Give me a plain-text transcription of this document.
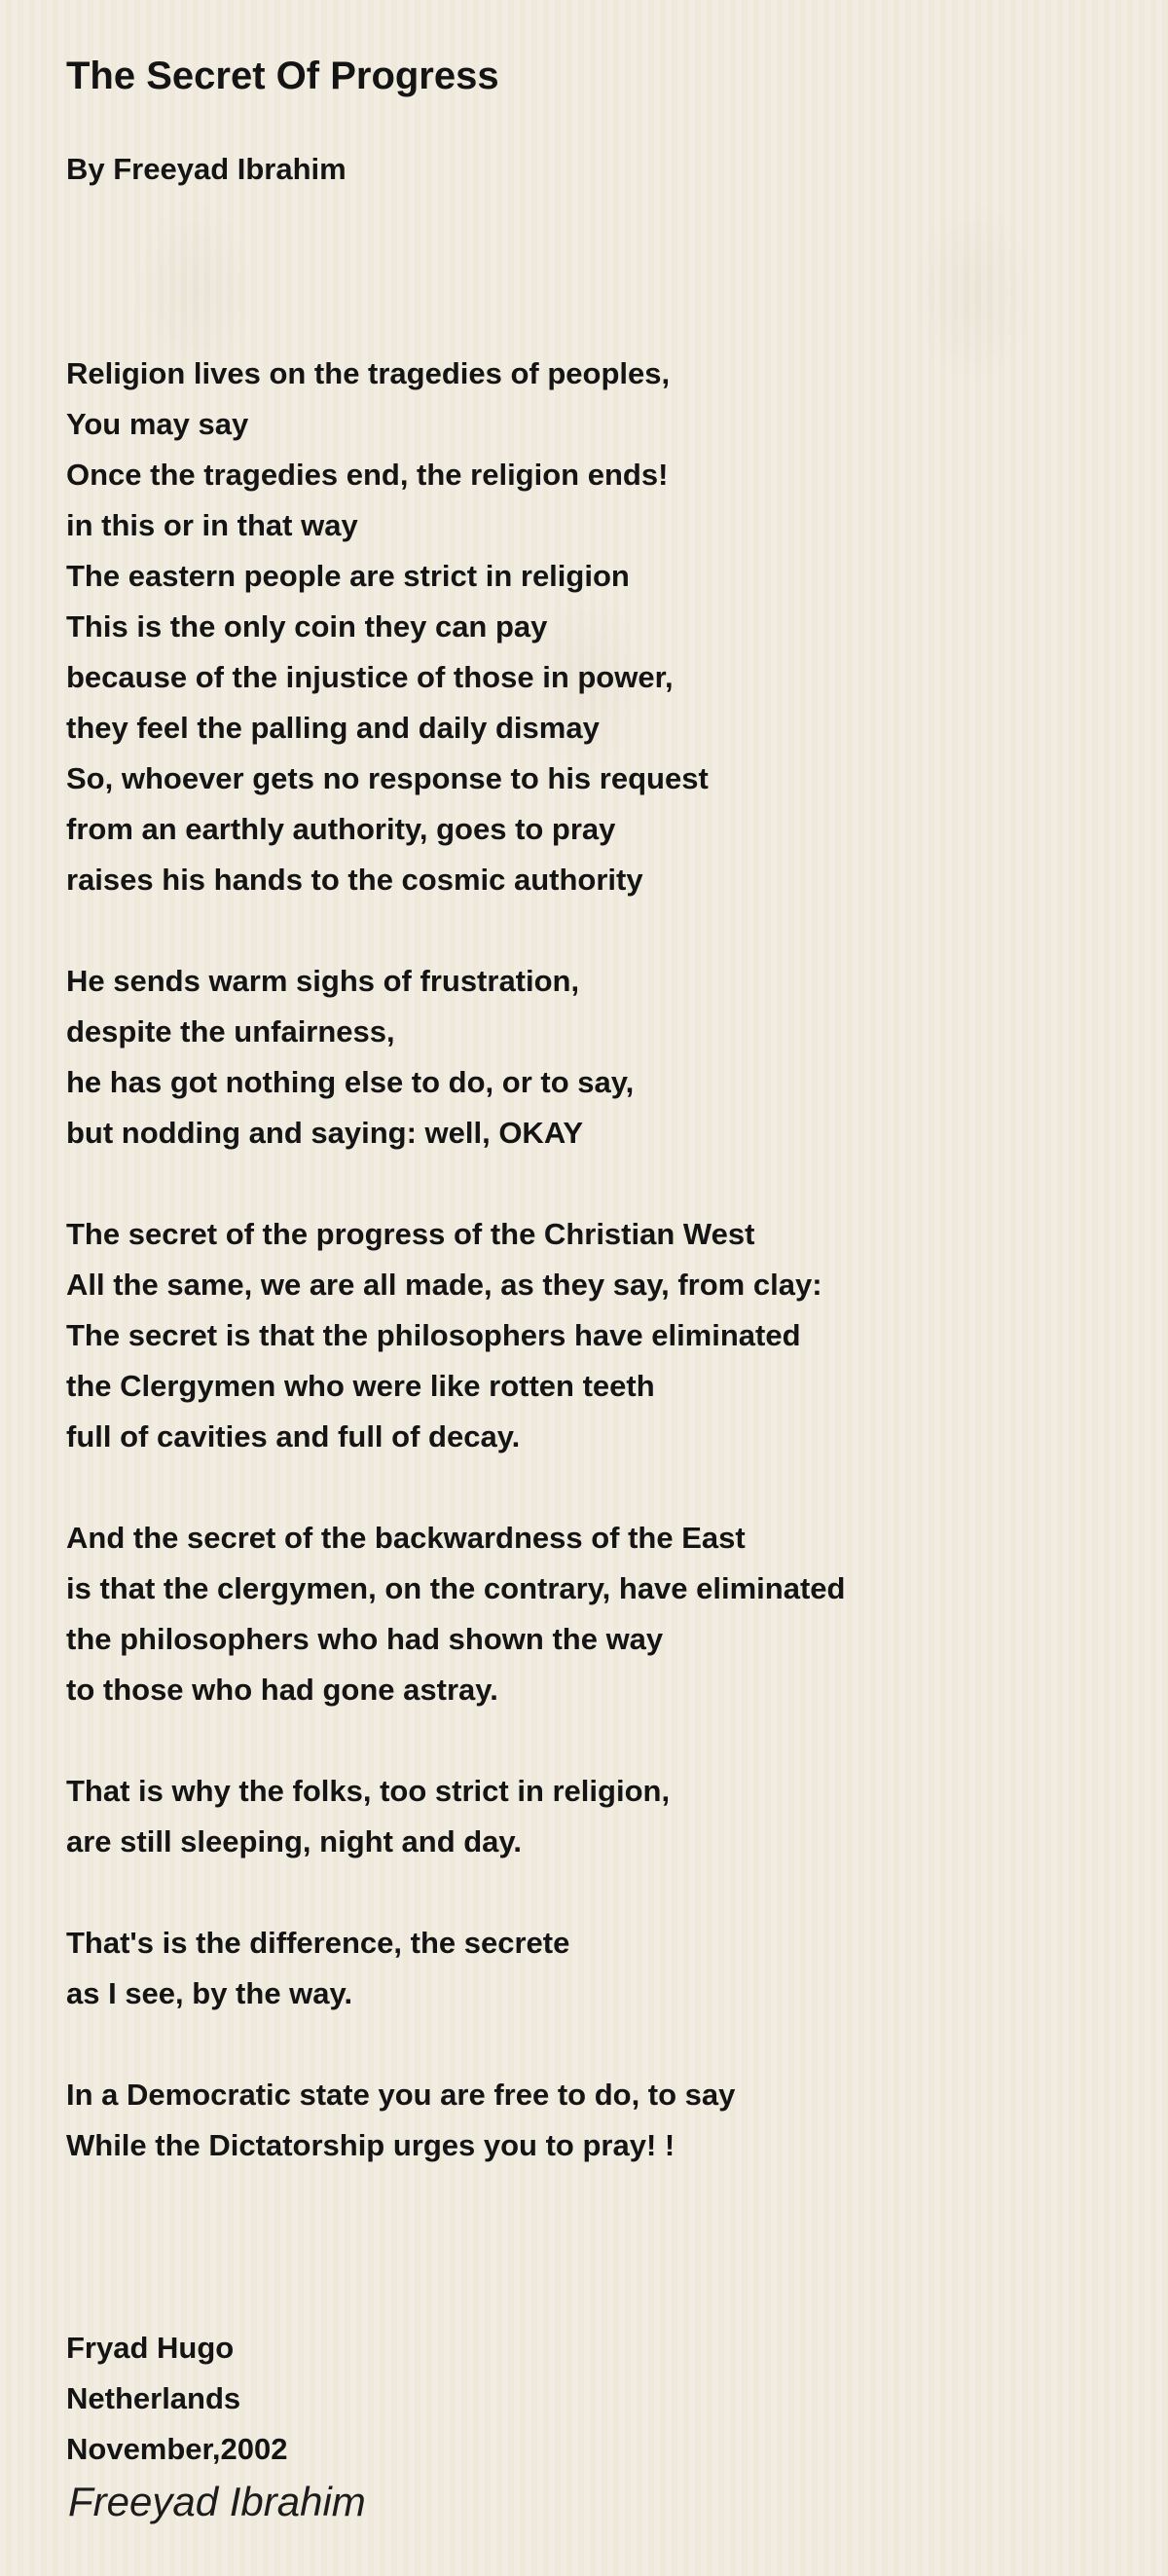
The Secret Of Progress
By Freeyad Ibrahim
Religion lives on the tragedies of peoples,
You may say
Once the tragedies end, the religion ends!
in this or in that way
The eastern people are strict in religion
This is the only coin they can pay
because of the injustice of those in power,
they feel the palling and daily dismay
So, whoever gets no response to his request
from an earthly authority, goes to pray
raises his hands to the cosmic authority
He sends warm sighs of frustration,
despite the unfairness,
he has got nothing else to do, or to say,
but nodding and saying: well, OKAY
The secret of the progress of the Christian West
All the same, we are all made, as they say, from clay:
The secret is that the philosophers have eliminated
the Clergymen who were like rotten teeth
full of cavities and full of decay.
And the secret of the backwardness of the East
is that the clergymen, on the contrary, have eliminated
the philosophers who had shown the way
to those who had gone astray.
That is why the folks, too strict in religion,
are still sleeping, night and day.
That's is the difference, the secrete
as I see, by the way.
In a Democratic state you are free to do, to say
While the Dictatorship urges you to pray! !
Fryad Hugo
Netherlands
November,2002
Freeyad Ibrahim
